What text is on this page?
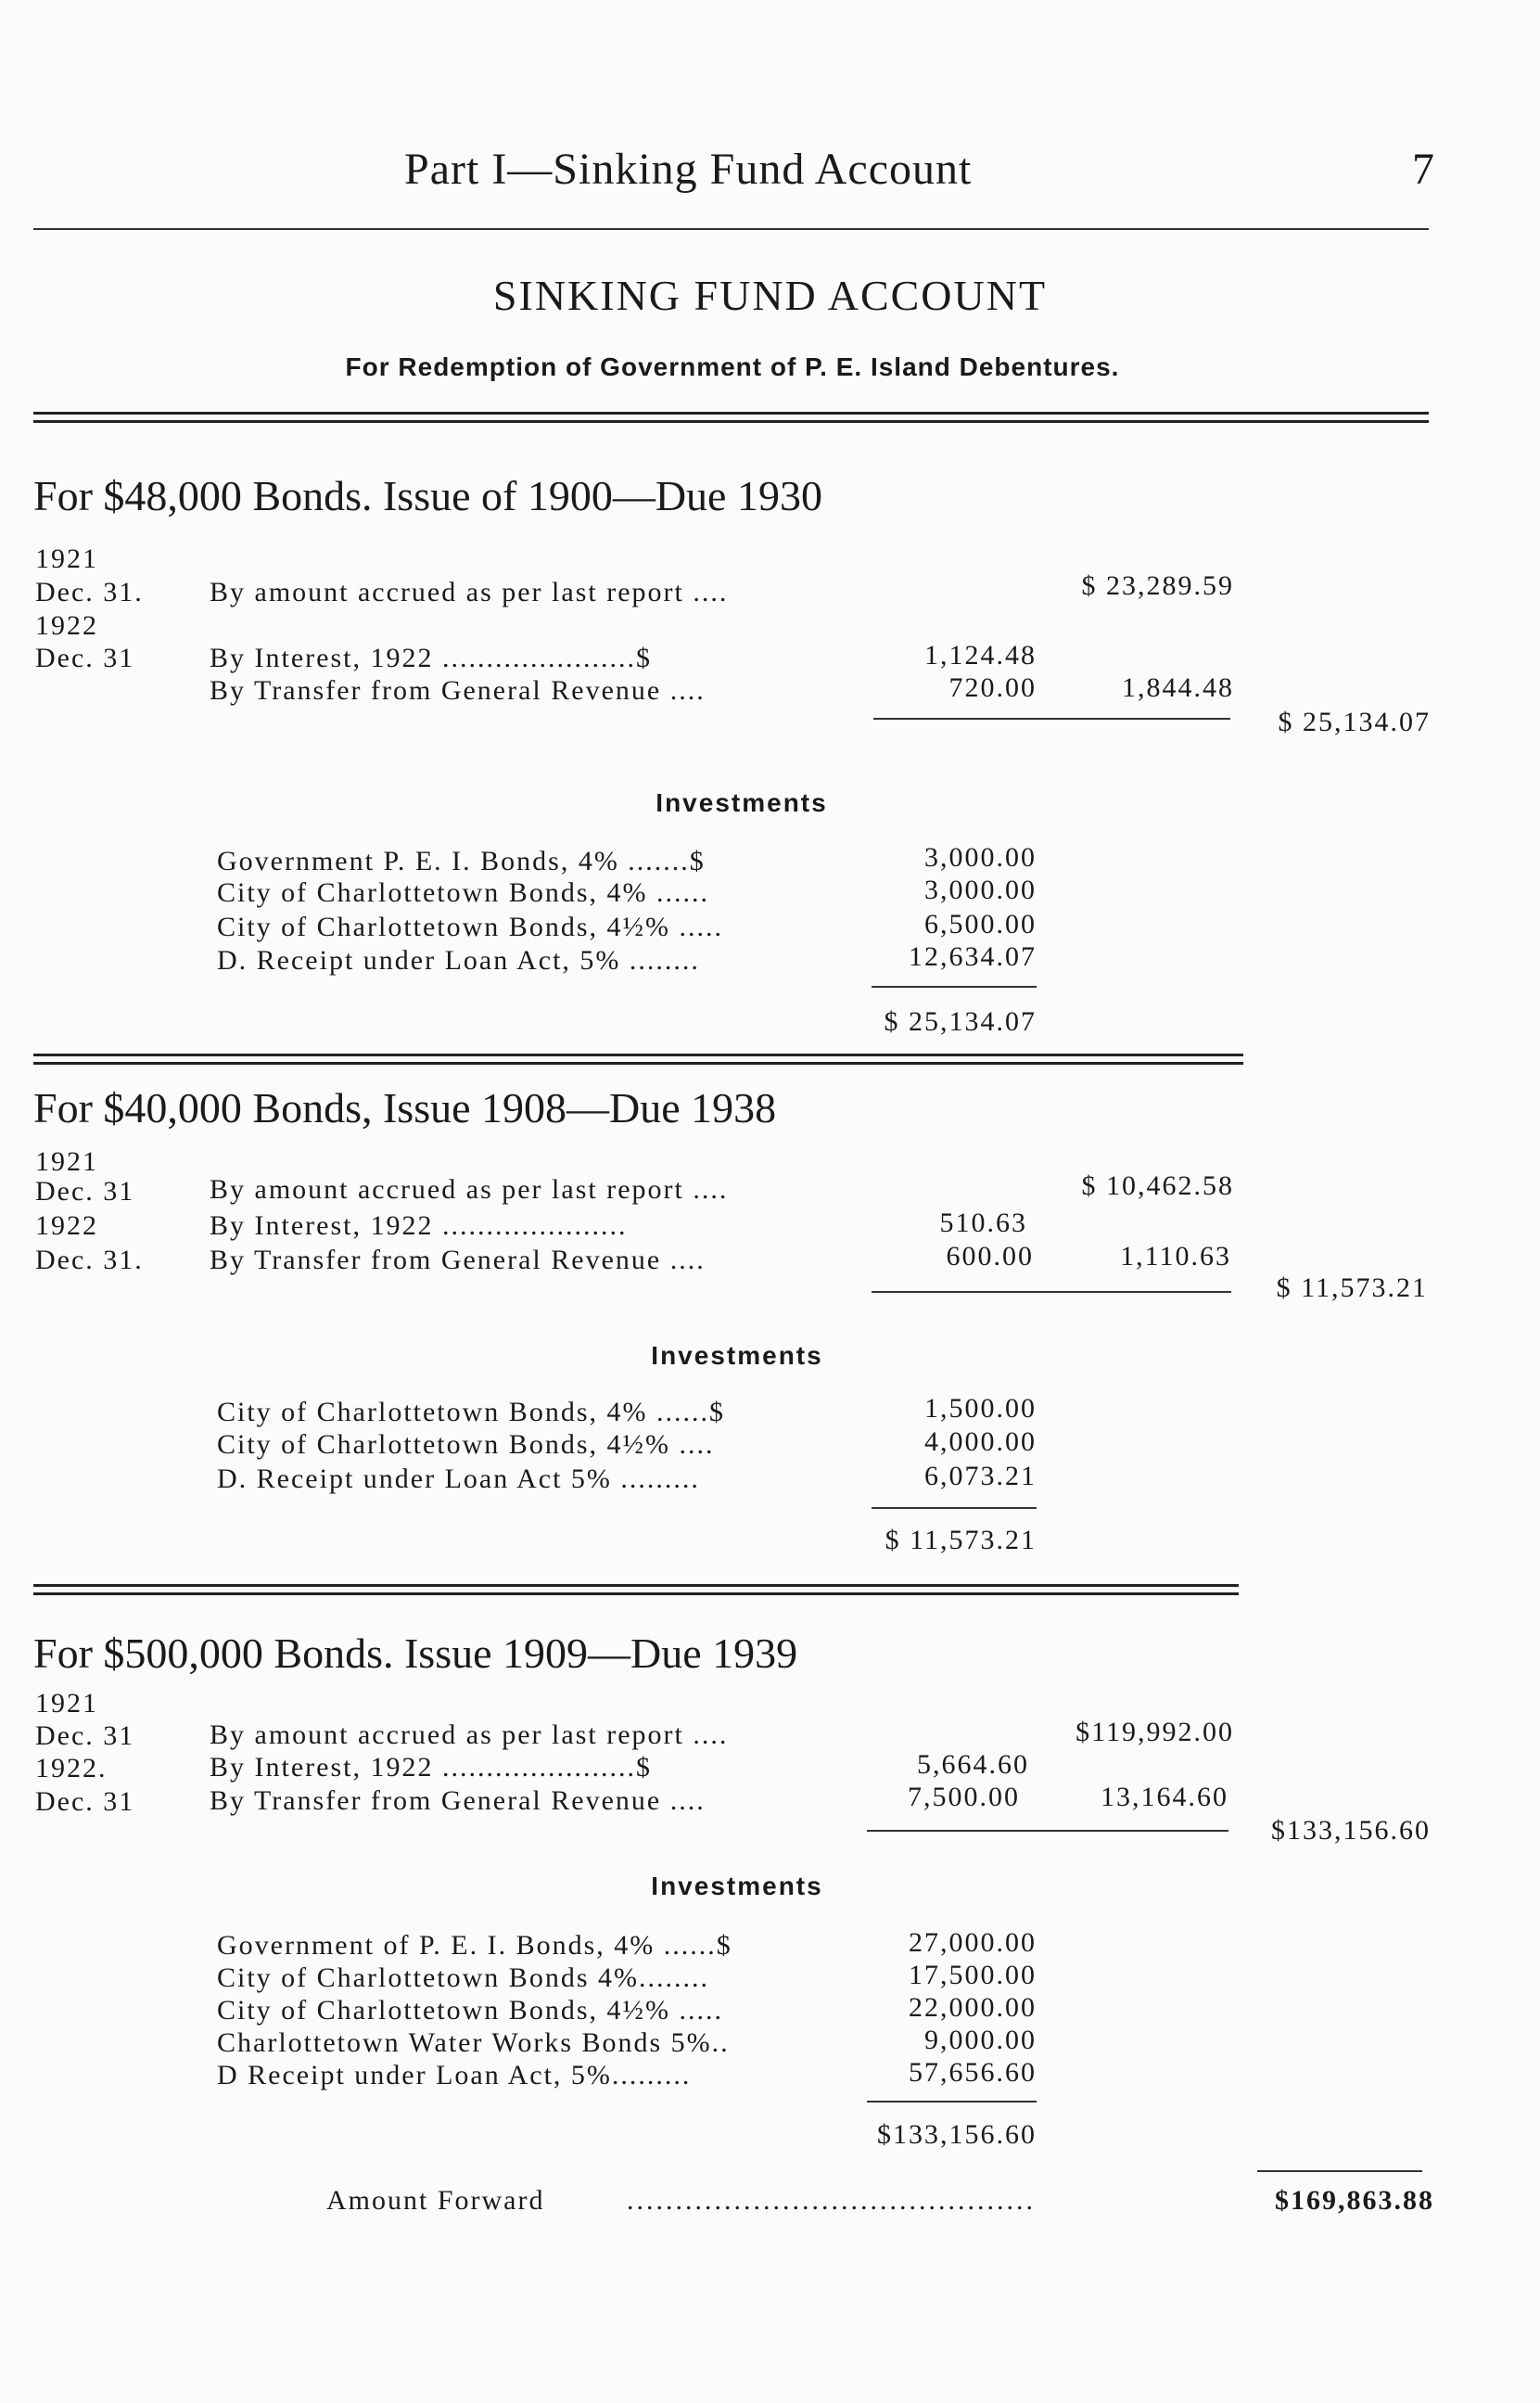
Part I—Sinking Fund Account	7
SINKING FUND ACCOUNT
For Redemption of Government of P. E. Island Debentures.
For $48,000 Bonds. Issue of 1900—Due 1930
1921
Dec. 31. By amount accrued as per last report ....	$ 23,289.59
1922
Dec. 31	By Interest, 1922 ......................$	1,124.48
By Transfer from General Revenue ....	720.00	1,844.48
$ 25,134.07
Investments
Government P. E. I. Bonds, 4% .......$	3,000.00
City of Charlottetown Bonds, 4% ......	3,000.00
City of Charlottetown Bonds, 4½% .....	6,500.00
D. Receipt under Loan Act, 5% ........	12,634.07
$ 25,134.07
For $40,000 Bonds, Issue 1908—Due 1938
1921
Dec. 31	By amount accrued as per last report ....	$ 10,462.58
1922	By Interest, 1922 .....................	510.63
Dec. 31. By Transfer from General Revenue ....	600.00	1,110.63
$ 11,573.21
Investments
City of Charlottetown Bonds, 4% ......$	1,500.00
City of Charlottetown Bonds, 4½% ....	4,000.00
D. Receipt under Loan Act 5% .........	6,073.21
$ 11,573.21
For $500,000 Bonds. Issue 1909—Due 1939
1921
Dec. 31	By amount accrued as per last report ....	$119,992.00
1922.	By Interest, 1922 ......................$	5,664.60
Dec. 31	By Transfer from General Revenue ....	7,500.00	13,164.60
$133,156.60
Investments
Government of P. E. I. Bonds, 4% ......$	27,000.00
City of Charlottetown Bonds 4%........	17,500.00
City of Charlottetown Bonds, 4½% .....	22,000.00
Charlottetown Water Works Bonds 5%..	9,000.00
D Receipt under Loan Act, 5%.........	57,656.60
$133,156.60
Amount Forward	..........................................	$169,863.88
